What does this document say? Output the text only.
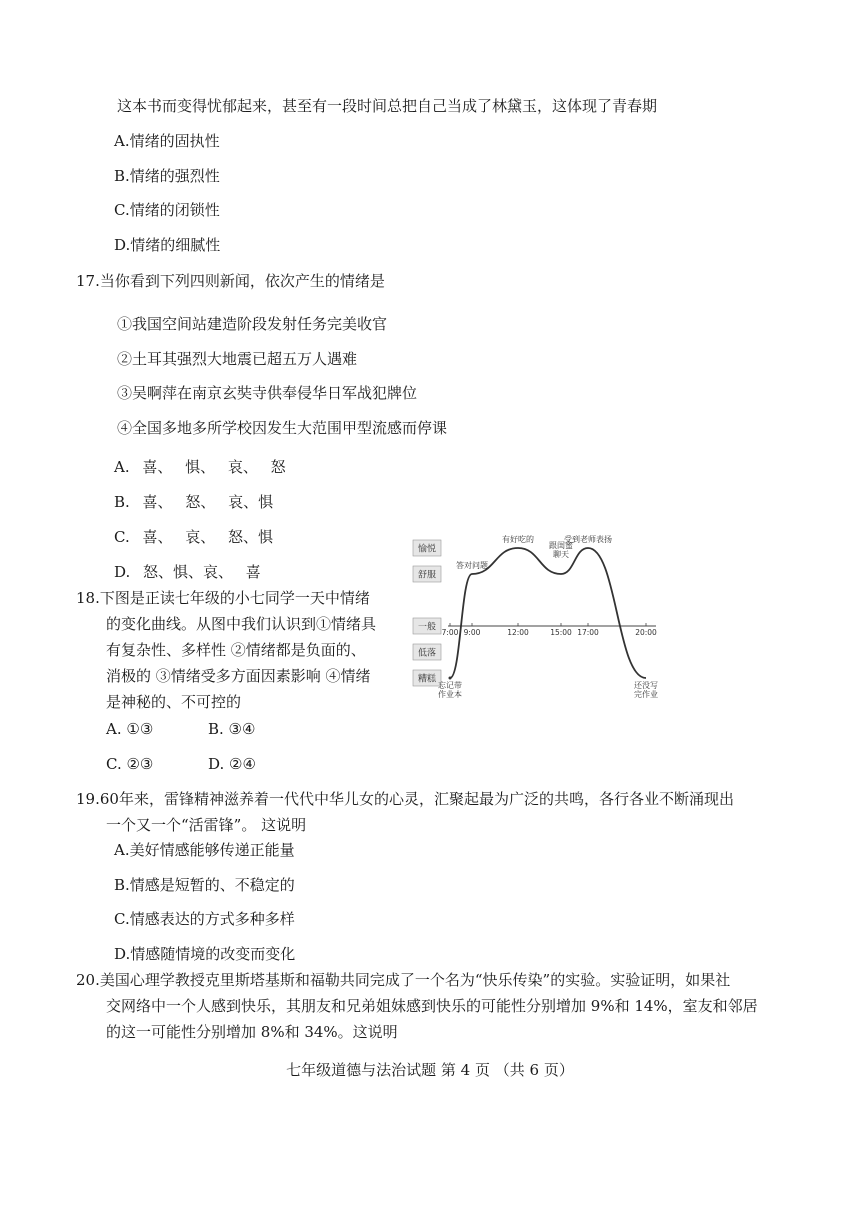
这本书而变得忧郁起来，甚至有一段时间总把自己当成了林黛玉，这体现了青春期
A.情绪的固执性
B.情绪的强烈性
C.情绪的闭锁性
D.情绪的细腻性
17.当你看到下列四则新闻，依次产生的情绪是
①我国空间站建造阶段发射任务完美收官
②土耳其强烈大地震已超五万人遇难
③吴啊萍在南京玄奘寺供奉侵华日军战犯牌位
④全国多地多所学校因发生大范围甲型流感而停课
A. 喜、 惧、 哀、 怒
B. 喜、 怒、 哀、惧
C. 喜、 哀、 怒、惧
D. 怒、惧、哀、 喜
18.下图是正读七年级的小七同学一天中情绪
的变化曲线。从图中我们认识到①情绪具
有复杂性、多样性 ②情绪都是负面的、
消极的 ③情绪受多方面因素影响 ④情绪
是神秘的、不可控的
A. ①③	B. ③④
C. ②③	D. ②④
愉悦
舒服
一般
低落
糟糕
7:00 9:00	12:00	15:00 17:00	20:00
忘记带作业本
答对问题
有好吃的
跟闺蜜聊天
受到老师表扬
还没写完作业
19.60年来，雷锋精神滋养着一代代中华儿女的心灵，汇聚起最为广泛的共鸣，各行各业不断涌现出
一个又一个“活雷锋”。 这说明
A.美好情感能够传递正能量
B.情感是短暂的、不稳定的
C.情感表达的方式多种多样
D.情感随情境的改变而变化
20.美国心理学教授克里斯塔基斯和福勒共同完成了一个名为“快乐传染”的实验。实验证明，如果社
交网络中一个人感到快乐，其朋友和兄弟姐妹感到快乐的可能性分别增加 9%和 14%，室友和邻居
的这一可能性分别增加 8%和 34%。这说明
七年级道德与法治试题 第 4 页 （共 6 页）
